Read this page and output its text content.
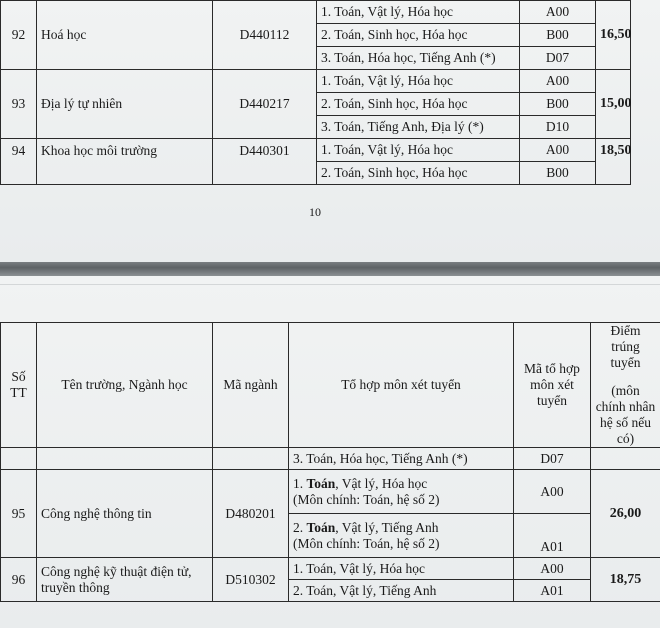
92	Hoá học	D440112	1. Toán, Vật lý, Hóa học	A00	16,50
			2. Toán, Sinh học, Hóa học	B00	
			3. Toán, Hóa học, Tiếng Anh (*)	D07	
93	Địa lý tự nhiên	D440217	1. Toán, Vật lý, Hóa học	A00	15,00
			2. Toán, Sinh học, Hóa học	B00	
			3. Toán, Tiếng Anh, Địa lý (*)	D10	
94	Khoa học môi trường	D440301	1. Toán, Vật lý, Hóa học	A00	18,50
			2. Toán, Sinh học, Hóa học	B00	
10
Số TT	Tên trường, Ngành học	Mã ngành	Tổ hợp môn xét tuyển	Mã tổ hợp môn xét tuyển	Điểm trúng tuyển
(môn chính nhân hệ số nếu có)

			3. Toán, Hóa học, Tiếng Anh (*)	D07	
95	Công nghệ thông tin	D480201	1. Toán, Vật lý, Hóa học
(Môn chính: Toán, hệ số 2)	A00	26,00

			2. Toán, Vật lý, Tiếng Anh
(Môn chính: Toán, hệ số 2)	A01	
96	Công nghệ kỹ thuật điện tử, truyền thông	D510302	1. Toán, Vật lý, Hóa học	A00	18,75
			2. Toán, Vật lý, Tiếng Anh	A01	
